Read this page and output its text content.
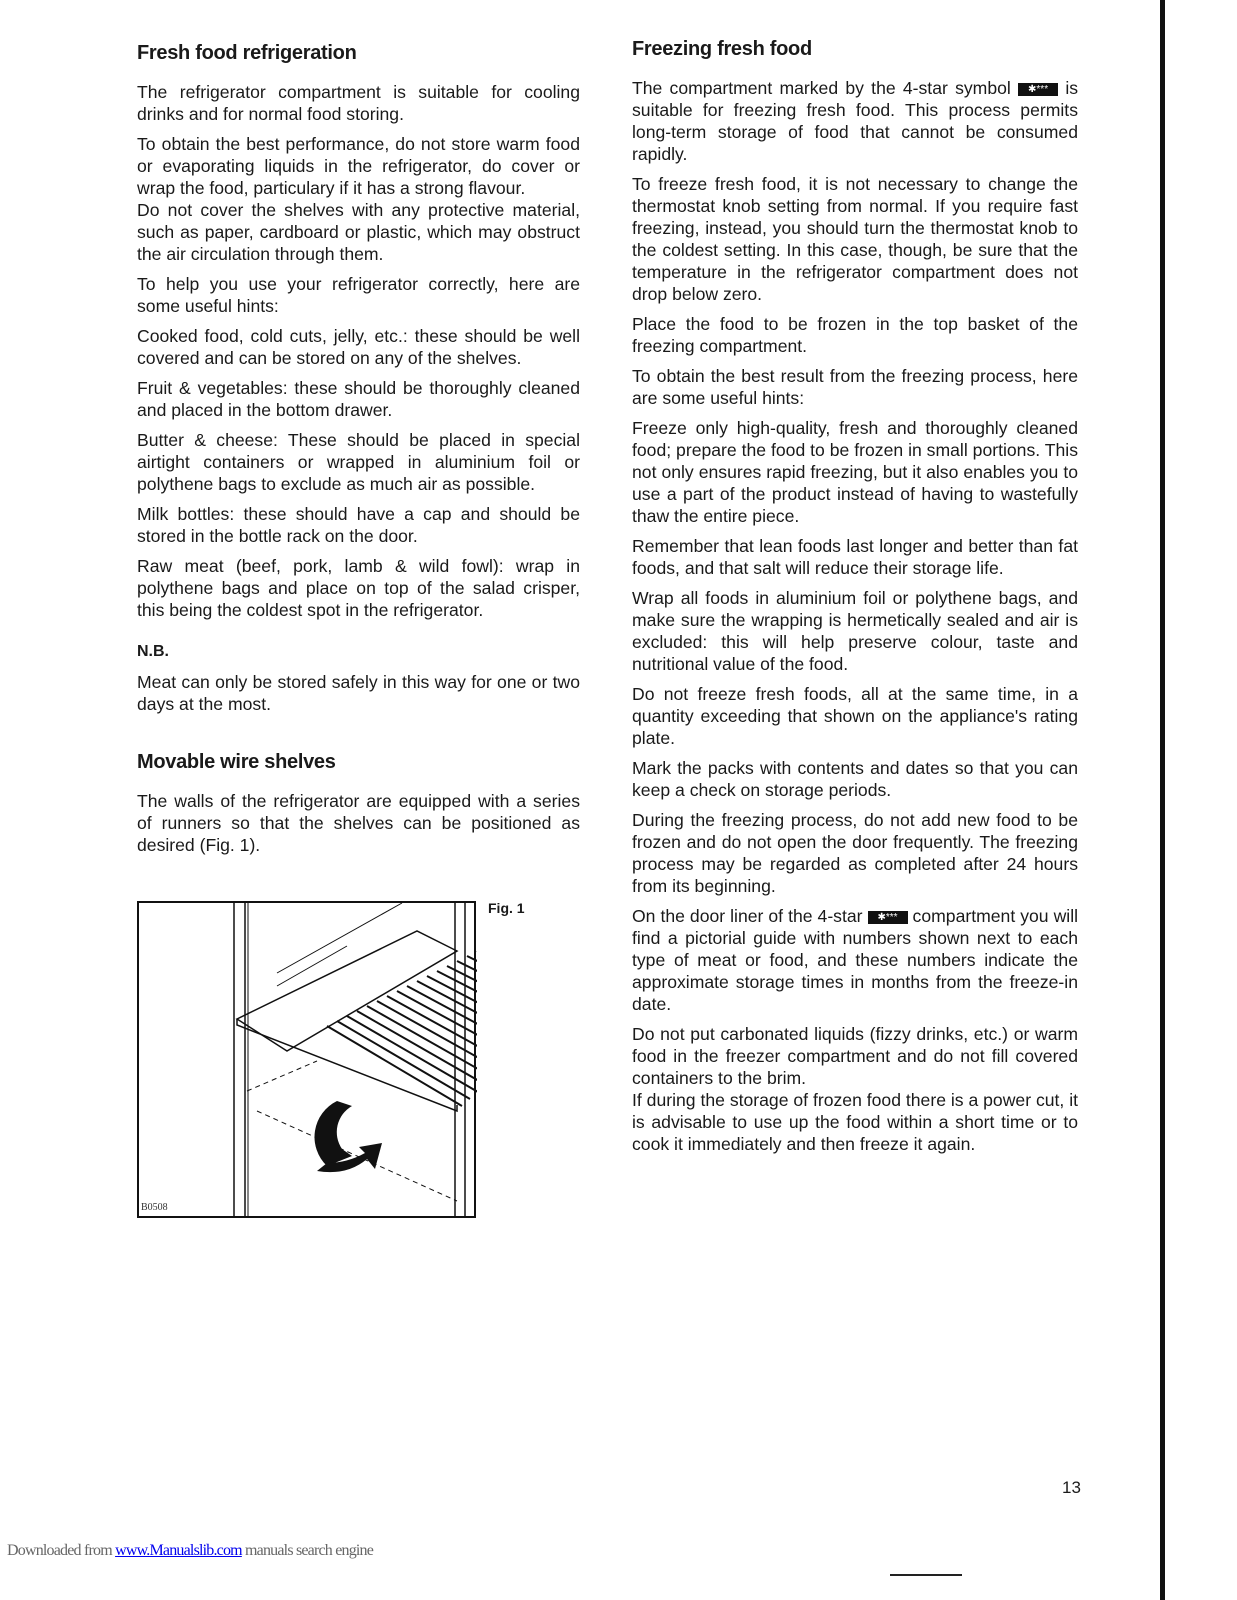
Fresh food refrigeration

The refrigerator compartment is suitable for cooling drinks and for normal food storing.

To obtain the best performance, do not store warm food or evaporating liquids in the refrigerator, do cover or wrap the food, particulary if it has a strong flavour.

Do not cover the shelves with any protective material, such as paper, cardboard or plastic, which may obstruct the air circulation through them.

To help you use your refrigerator correctly, here are some useful hints:

Cooked food, cold cuts, jelly, etc.: these should be well covered and can be stored on any of the shelves.

Fruit & vegetables: these should be thoroughly cleaned and placed in the bottom drawer.

Butter & cheese: These should be placed in special airtight containers or wrapped in aluminium foil or polythene bags to exclude as much air as possible.

Milk bottles: these should have a cap and should be stored in the bottle rack on the door.

Raw meat (beef, pork, lamb & wild fowl): wrap in polythene bags and place on top of the salad crisper, this being the coldest spot in the refrigerator.

N.B.

Meat can only be stored safely in this way for one or two days at the most.

Movable wire shelves

The walls of the refrigerator are equipped with a series of runners so that the shelves can be positioned as desired (Fig. 1).

Fig. 1
B0508
Freezing fresh food

The compartment marked by the 4-star symbol ✱*** is suitable for freezing fresh food. This process permits long-term storage of food that cannot be consumed rapidly.

To freeze fresh food, it is not necessary to change the thermostat knob setting from normal. If you require fast freezing, instead, you should turn the thermostat knob to the coldest setting. In this case, though, be sure that the temperature in the refrigerator compartment does not drop below zero.

Place the food to be frozen in the top basket of the freezing compartment.

To obtain the best result from the freezing process, here are some useful hints:

Freeze only high-quality, fresh and thoroughly cleaned food; prepare the food to be frozen in small portions. This not only ensures rapid freezing, but it also enables you to use a part of the product instead of having to wastefully thaw the entire piece.

Remember that lean foods last longer and better than fat foods, and that salt will reduce their storage life.

Wrap all foods in aluminium foil or polythene bags, and make sure the wrapping is hermetically sealed and air is excluded: this will help preserve colour, taste and nutritional value of the food.

Do not freeze fresh foods, all at the same time, in a quantity exceeding that shown on the appliance's rating plate.

Mark the packs with contents and dates so that you can keep a check on storage periods.

During the freezing process, do not add new food to be frozen and do not open the door frequently. The freezing process may be regarded as completed after 24 hours from its beginning.

On the door liner of the 4-star ✱*** compartment you will find a pictorial guide with numbers shown next to each type of meat or food, and these numbers indicate the approximate storage times in months from the freeze-in date.

Do not put carbonated liquids (fizzy drinks, etc.) or warm food in the freezer compartment and do not fill covered containers to the brim.

If during the storage of frozen food there is a power cut, it is advisable to use up the food within a short time or to cook it immediately and then freeze it again.

13
Downloaded from www.Manualslib.com manuals search engine
